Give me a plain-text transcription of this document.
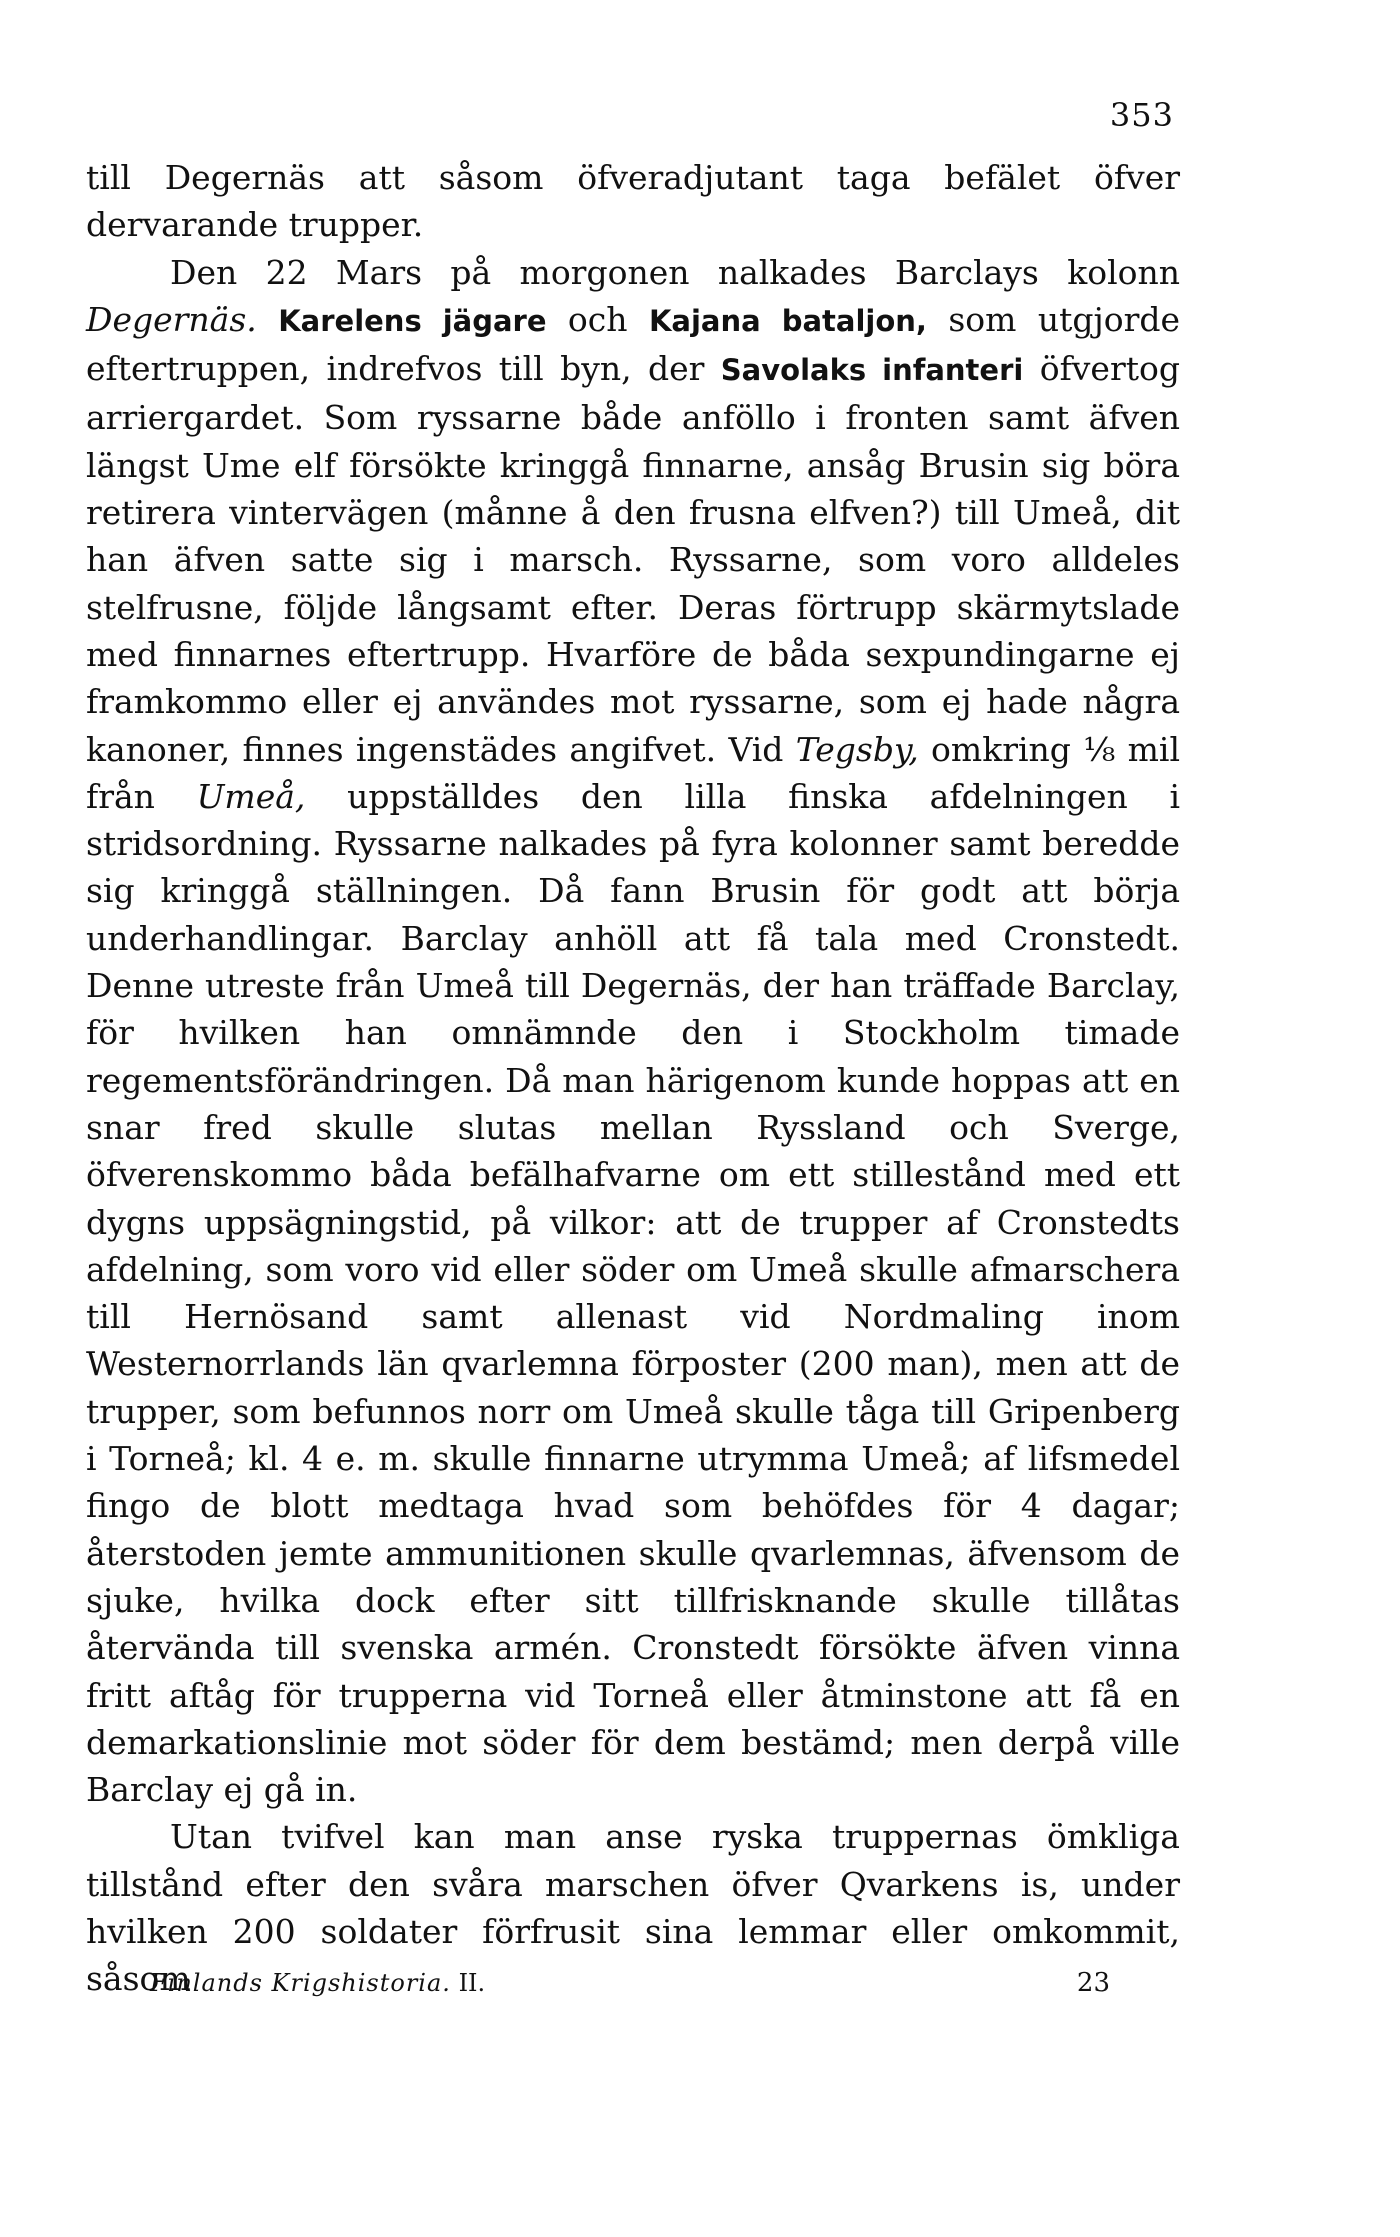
353

till Degernäs att såsom öfveradjutant taga befälet öfver dervarande trupper.

Den 22 Mars på morgonen nalkades Barclays kolonn Degernäs. Karelens jägare och Kajana bataljon, som utgjorde eftertruppen, indrefvos till byn, der Savolaks infanteri öfvertog arriergardet. Som ryssarne både anföllo i fronten samt äfven längst Ume elf försökte kringgå finnarne, ansåg Brusin sig böra retirera vintervägen (månne å den frusna elfven?) till Umeå, dit han äfven satte sig i marsch. Ryssarne, som voro alldeles stelfrusne, följde långsamt efter. Deras förtrupp skärmytslade med finnarnes eftertrupp. Hvarföre de båda sexpundingarne ej framkommo eller ej användes mot ryssarne, som ej hade några kanoner, finnes ingenstädes angifvet. Vid Tegsby, omkring ⅛ mil från Umeå, uppställdes den lilla finska afdelningen i stridsordning. Ryssarne nalkades på fyra kolonner samt beredde sig kringgå ställningen. Då fann Brusin för godt att börja underhandlingar. Barclay anhöll att få tala med Cronstedt. Denne utreste från Umeå till Degernäs, der han träffade Barclay, för hvilken han omnämnde den i Stockholm timade regementsförändringen. Då man härigenom kunde hoppas att en snar fred skulle slutas mellan Ryssland och Sverge, öfverenskommo båda befälhafvarne om ett stillestånd med ett dygns uppsägningstid, på vilkor: att de trupper af Cronstedts afdelning, som voro vid eller söder om Umeå skulle afmarschera till Hernösand samt allenast vid Nordmaling inom Westernorrlands län qvarlemna förposter (200 man), men att de trupper, som befunnos norr om Umeå skulle tåga till Gripenberg i Torneå; kl. 4 e. m. skulle finnarne utrymma Umeå; af lifsmedel fingo de blott medtaga hvad som behöfdes för 4 dagar; återstoden jemte ammunitionen skulle qvarlemnas, äfvensom de sjuke, hvilka dock efter sitt tillfrisknande skulle tillåtas återvända till svenska armén. Cronstedt försökte äfven vinna fritt aftåg för trupperna vid Torneå eller åtminstone att få en demarkationslinie mot söder för dem bestämd; men derpå ville Barclay ej gå in.

Utan tvifvel kan man anse ryska truppernas ömkliga tillstånd efter den svåra marschen öfver Qvarkens is, under hvilken 200 soldater förfrusit sina lemmar eller omkommit, såsom

Finlands Krigshistoria. II.	23
